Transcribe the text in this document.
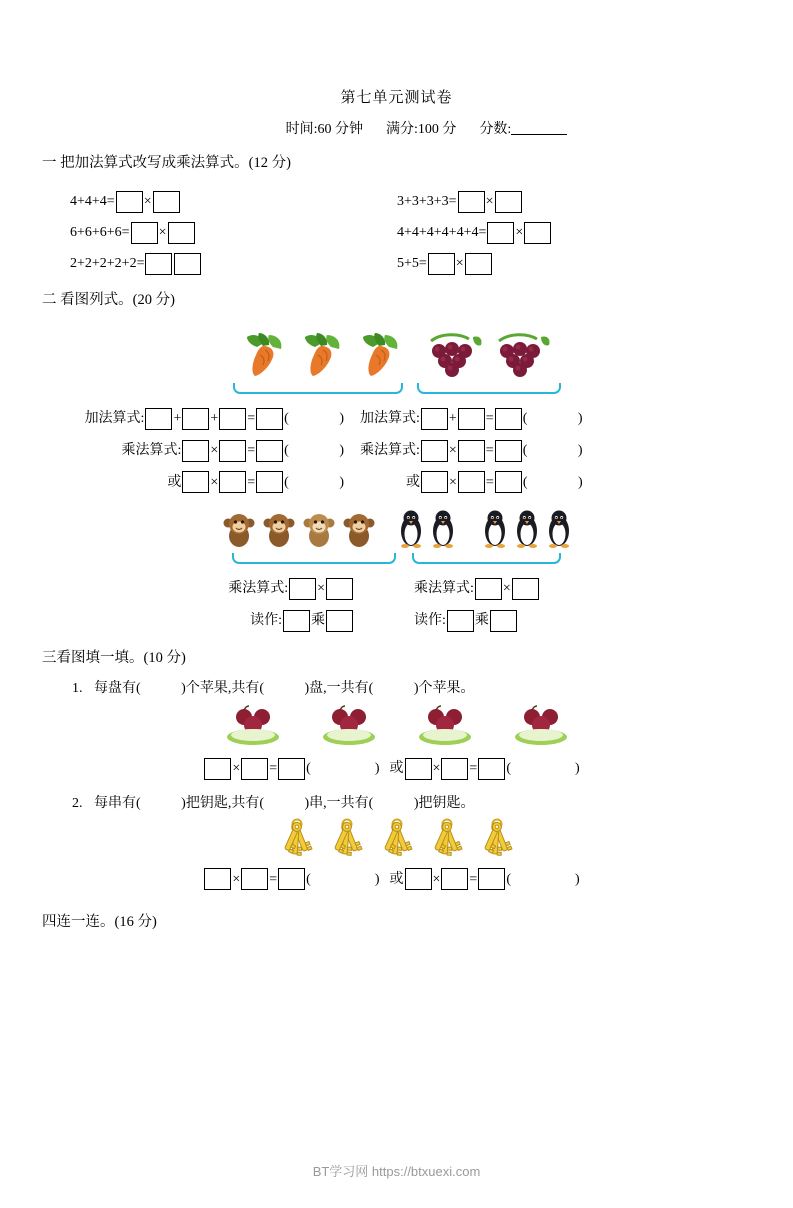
第七单元测试卷
时间:60 分钟 满分:100 分 分数:
一 把加法算式改写成乘法算式。(12 分)
4+4+4= ×
6+6+6+6= ×
2+2+2+2+2=
3+3+3+3= ×
4+4+4+4+4+4= ×
5+5= ×
二 看图列式。(20 分)

加法算式: + + = (   ) 加法算式: + = (   )
乘法算式: × = (   ) 乘法算式: × = (   )
或 × = (   )	或 × = (   )

乘法算式: ×	乘法算式: ×
读作: 乘	读作: 乘
三看图填一填。(10 分)
1. 每盘有(	)个苹果,共有(	)盘,一共有(	)个苹果。
× = (    )或 × = (    )
2. 每串有(	)把钥匙,共有(	)串,一共有(	)把钥匙。
× = (    )或 × = (    )
四连一连。(16 分)
BT学习网 https://btxuexi.com
